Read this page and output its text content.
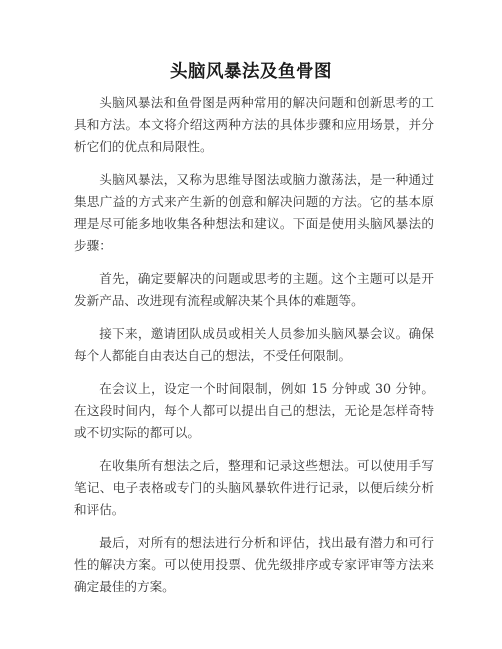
头脑风暴法及鱼骨图

头脑风暴法和鱼骨图是两种常用的解决问题和创新思考的工具和方法。本文将介绍这两种方法的具体步骤和应用场景，并分析它们的优点和局限性。

头脑风暴法，又称为思维导图法或脑力激荡法，是一种通过集思广益的方式来产生新的创意和解决问题的方法。它的基本原理是尽可能多地收集各种想法和建议。下面是使用头脑风暴法的步骤：

首先，确定要解决的问题或思考的主题。这个主题可以是开发新产品、改进现有流程或解决某个具体的难题等。

接下来，邀请团队成员或相关人员参加头脑风暴会议。确保每个人都能自由表达自己的想法，不受任何限制。

在会议上，设定一个时间限制，例如 15 分钟或 30 分钟。在这段时间内，每个人都可以提出自己的想法，无论是怎样奇特或不切实际的都可以。

在收集所有想法之后，整理和记录这些想法。可以使用手写笔记、电子表格或专门的头脑风暴软件进行记录，以便后续分析和评估。

最后，对所有的想法进行分析和评估，找出最有潜力和可行性的解决方案。可以使用投票、优先级排序或专家评审等方法来确定最佳的方案。
